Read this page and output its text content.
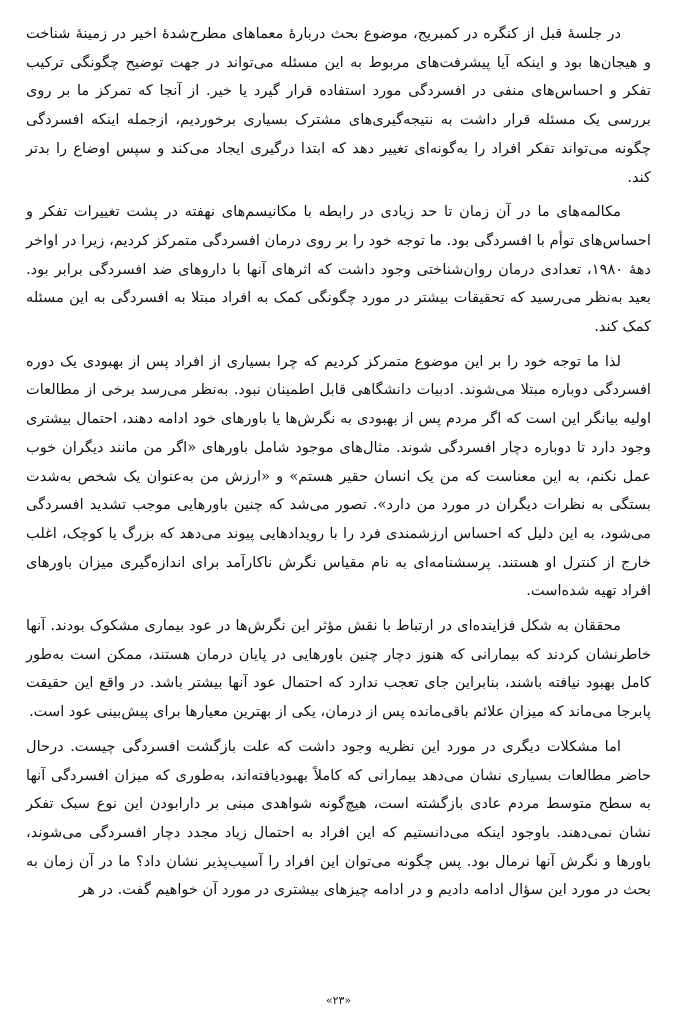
در جلسهٔ قبل از کنگره در کمبریج، موضوع بحث دربارهٔ معماهای مطرح‌شدهٔ اخیر در زمینهٔ شناخت و هیجان‌ها بود و اینکه آیا پیشرفت‌های مربوط به این مسئله می‌تواند در جهت توضیح چگونگی ترکیب تفکر و احساس‌های منفی در افسردگی مورد استفاده قرار گیرد یا خیر. از آنجا که تمرکز ما بر روی بررسی یک مسئله قرار داشت به نتیجه‌گیری‌های مشترک بسیاری برخوردیم، ازجمله اینکه افسردگی چگونه می‌تواند تفکر افراد را به‌گونه‌ای تغییر دهد که ابتدا درگیری ایجاد می‌کند و سپس اوضاع را بدتر کند.

مکالمه‌های ما در آن زمان تا حد زیادی در رابطه با مکانیسم‌های نهفته در پشت تغییرات تفکر و احساس‌های توأم با افسردگی بود. ما توجه خود را بر روی درمان افسردگی متمرکز کردیم، زیرا در اواخر دههٔ ۱۹۸۰، تعدادی درمان روان‌شناختی وجود داشت که اثرهای آنها با داروهای ضد افسردگی برابر بود. بعید به‌نظر می‌رسید که تحقیقات بیشتر در مورد چگونگی کمک به افراد مبتلا به افسردگی به این مسئله کمک کند.

لذا ما توجه خود را بر این موضوع متمرکز کردیم که چرا بسیاری از افراد پس از بهبودی یک دوره افسردگی دوباره مبتلا می‌شوند. ادبیات دانشگاهی قابل اطمینان نبود. به‌نظر می‌رسد برخی از مطالعات اولیه بیانگر این است که اگر مردم پس از بهبودی به نگرش‌ها یا باورهای خود ادامه دهند، احتمال بیشتری وجود دارد تا دوباره دچار افسردگی شوند. مثال‌های موجود شامل باورهای «اگر من مانند دیگران خوب عمل نکنم، به این معناست که من یک انسان حقیر هستم» و «ارزش من به‌عنوان یک شخص به‌شدت بستگی به نظرات دیگران در مورد من دارد». تصور می‌شد که چنین باورهایی موجب تشدید افسردگی می‌شود، به این دلیل که احساس ارزشمندی فرد را با رویدادهایی پیوند می‌دهد که بزرگ یا کوچک، اغلب خارج از کنترل او هستند. پرسشنامه‌ای به نام مقیاس نگرش ناکارآمد برای اندازه‌گیری میزان باورهای افراد تهیه شده‌است.

محققان به شکل فزاینده‌ای در ارتباط با نقش مؤثر این نگرش‌ها در عود بیماری مشکوک بودند. آنها خاطرنشان کردند که بیمارانی که هنوز دچار چنین باورهایی در پایان درمان هستند، ممکن است به‌طور کامل بهبود نیافته باشند، بنابراین جای تعجب ندارد که احتمال عود آنها بیشتر باشد. در واقع این حقیقت پابرجا می‌ماند که میزان علائم باقی‌مانده پس از درمان، یکی از بهترین معیارها برای پیش‌بینی عود است.

اما مشکلات دیگری در مورد این نظریه وجود داشت که علت بازگشت افسردگی چیست. درحال حاضر مطالعات بسیاری نشان می‌دهد بیمارانی که کاملاً بهبودیافته‌اند، به‌طوری که میزان افسردگی آنها به سطح متوسط مردم عادی بازگشته است، هیچ‌گونه شواهدی مبنی بر دارابودن این نوع سبک تفکر نشان نمی‌دهند. باوجود اینکه می‌دانستیم که این افراد به احتمال زیاد مجدد دچار افسردگی می‌شوند، باورها و نگرش آنها نرمال بود. پس چگونه می‌توان این افراد را آسیب‌پذیر نشان داد؟ ما در آن زمان به بحث در مورد این سؤال ادامه دادیم و در ادامه چیزهای بیشتری در مورد آن خواهیم گفت. در هر

«۲۳»
